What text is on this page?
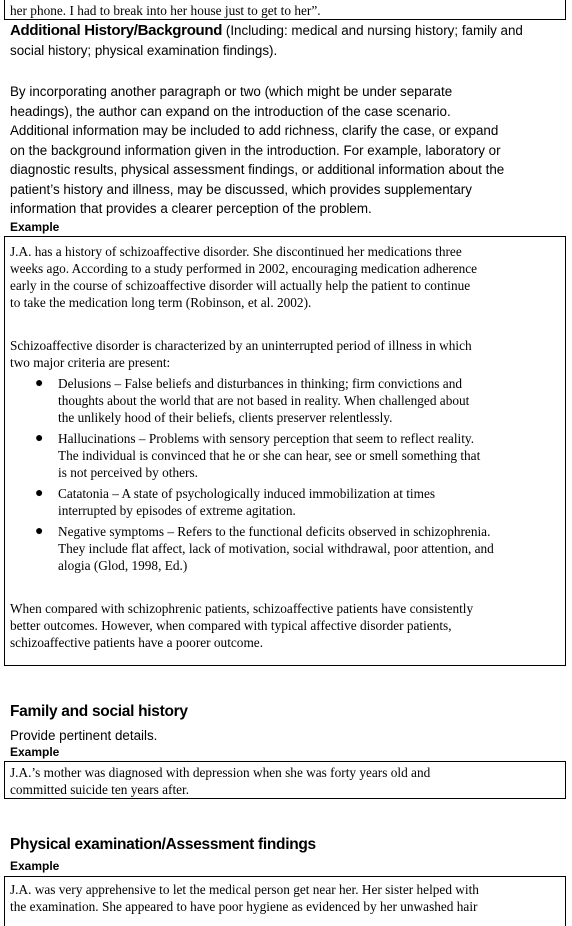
her phone. I had to break into her house just to get to her”.
Additional History/Background (Including: medical and nursing history; family and
social history; physical examination findings).
By incorporating another paragraph or two (which might be under separate
headings), the author can expand on the introduction of the case scenario.
Additional information may be included to add richness, clarify the case, or expand
on the background information given in the introduction. For example, laboratory or
diagnostic results, physical assessment findings, or additional information about the
patient’s history and illness, may be discussed, which provides supplementary
information that provides a clearer perception of the problem.
Example
J.A. has a history of schizoaffective disorder. She discontinued her medications three
weeks ago. According to a study performed in 2002, encouraging medication adherence
early in the course of schizoaffective disorder will actually help the patient to continue
to take the medication long term (Robinson, et al. 2002).
Schizoaffective disorder is characterized by an uninterrupted period of illness in which
two major criteria are present:
● Delusions – False beliefs and disturbances in thinking; firm convictions and
thoughts about the world that are not based in reality. When challenged about
the unlikely hood of their beliefs, clients preserver relentlessly.
● Hallucinations – Problems with sensory perception that seem to reflect reality.
The individual is convinced that he or she can hear, see or smell something that
is not perceived by others.
● Catatonia – A state of psychologically induced immobilization at times
interrupted by episodes of extreme agitation.
● Negative symptoms – Refers to the functional deficits observed in schizophrenia.
They include flat affect, lack of motivation, social withdrawal, poor attention, and
alogia (Glod, 1998, Ed.)
When compared with schizophrenic patients, schizoaffective patients have consistently
better outcomes. However, when compared with typical affective disorder patients,
schizoaffective patients have a poorer outcome.
Family and social history
Provide pertinent details.
Example
J.A.’s mother was diagnosed with depression when she was forty years old and
committed suicide ten years after.
Physical examination/Assessment findings
Example
J.A. was very apprehensive to let the medical person get near her. Her sister helped with
the examination. She appeared to have poor hygiene as evidenced by her unwashed hair
